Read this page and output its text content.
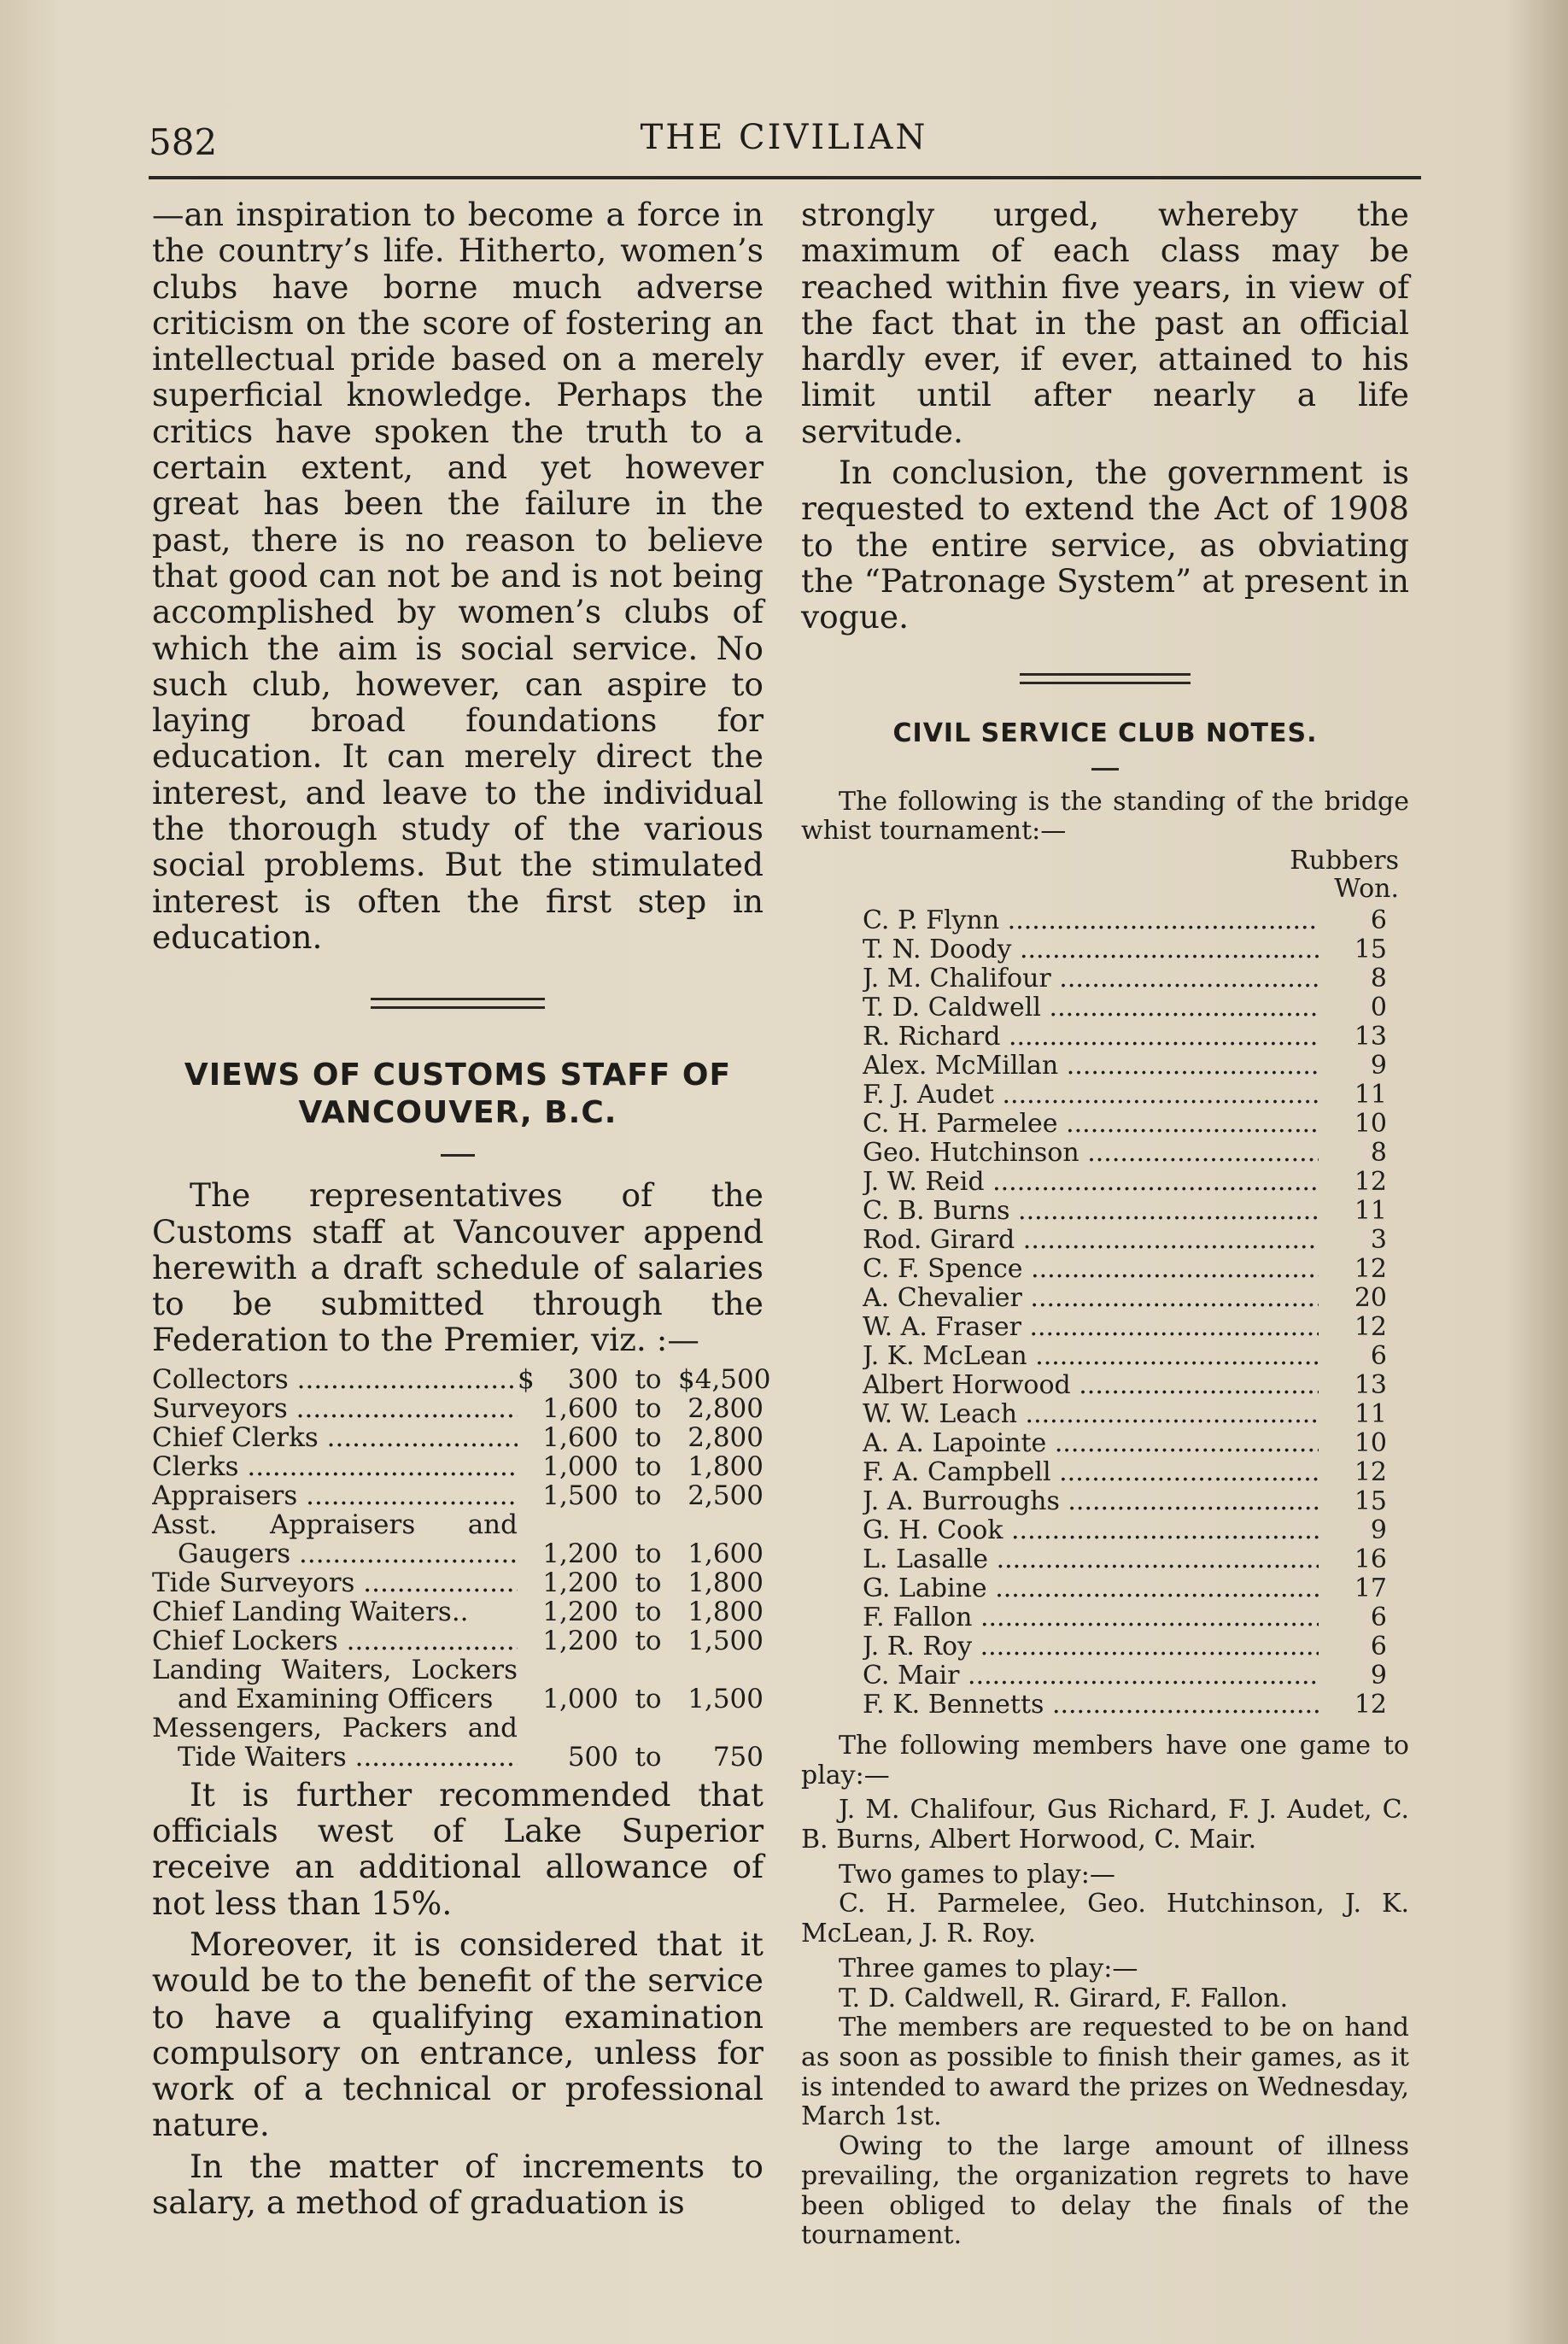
582	THE CIVILIAN

—an inspiration to become a force in the country’s life. Hitherto, women’s clubs have borne much adverse criticism on the score of fostering an intellectual pride based on a merely superficial knowledge. Perhaps the critics have spoken the truth to a certain extent, and yet however great has been the failure in the past, there is no reason to believe that good can not be and is not being accomplished by women’s clubs of which the aim is social service. No such club, however, can aspire to laying broad foundations for education. It can merely direct the interest, and leave to the individual the thorough study of the various social problems. But the stimulated interest is often the first step in education.

VIEWS OF CUSTOMS STAFF OF
VANCOUVER, B.C.

The representatives of the Customs staff at Vancouver append herewith a draft schedule of salaries to be submitted through the Federation to the Premier, viz. :—

Collectors .....	$	300 to $4,500
Surveyors .....	1,600 to 2,800
Chief Clerks .....	1,600 to 2,800
Clerks .....	1,000 to 1,800
Appraisers .....	1,500 to 2,500
Asst. Appraisers and
Gaugers .....	1,200 to 1,600
Tide Surveyors .....	1,200 to 1,800
Chief Landing Waiters..	1,200 to 1,800
Chief Lockers .....	1,200 to 1,500
Landing Waiters, Lockers
and Examining Officers	1,000 to 1,500
Messengers, Packers and
Tide Waiters .....	500 to	750

It is further recommended that officials west of Lake Superior receive an additional allowance of not less than 15%.

Moreover, it is considered that it would be to the benefit of the service to have a qualifying examination compulsory on entrance, unless for work of a technical or professional nature.

In the matter of increments to salary, a method of graduation is

strongly urged, whereby the maximum of each class may be reached within five years, in view of the fact that in the past an official hardly ever, if ever, attained to his limit until after nearly a life servitude.

In conclusion, the government is requested to extend the Act of 1908 to the entire service, as obviating the “Patronage System” at present in vogue.

CIVIL SERVICE CLUB NOTES.

The following is the standing of the bridge whist tournament:—

Rubbers
Won.
C. P. Flynn .....	6
T. N. Doody .....	15
J. M. Chalifour .....	8
T. D. Caldwell .....	0
R. Richard .....	13
Alex. McMillan .....	9
F. J. Audet .....	11
C. H. Parmelee .....	10
Geo. Hutchinson .....	8
J. W. Reid .....	12
C. B. Burns .....	11
Rod. Girard .....	3
C. F. Spence .....	12
A. Chevalier .....	20
W. A. Fraser .....	12
J. K. McLean .....	6
Albert Horwood .....	13
W. W. Leach .....	11
A. A. Lapointe .....	10
F. A. Campbell .....	12
J. A. Burroughs .....	15
G. H. Cook .....	9
L. Lasalle .....	16
G. Labine .....	17
F. Fallon .....	6
J. R. Roy .....	6
C. Mair .....	9
F. K. Bennetts .....	12

The following members have one game to play:—

J. M. Chalifour, Gus Richard, F. J. Audet, C. B. Burns, Albert Horwood, C. Mair.

Two games to play:—

C. H. Parmelee, Geo. Hutchinson, J. K. McLean, J. R. Roy.

Three games to play:—

T. D. Caldwell, R. Girard, F. Fallon.

The members are requested to be on hand as soon as possible to finish their games, as it is intended to award the prizes on Wednesday, March 1st.

Owing to the large amount of illness prevailing, the organization regrets to have been obliged to delay the finals of the tournament.
